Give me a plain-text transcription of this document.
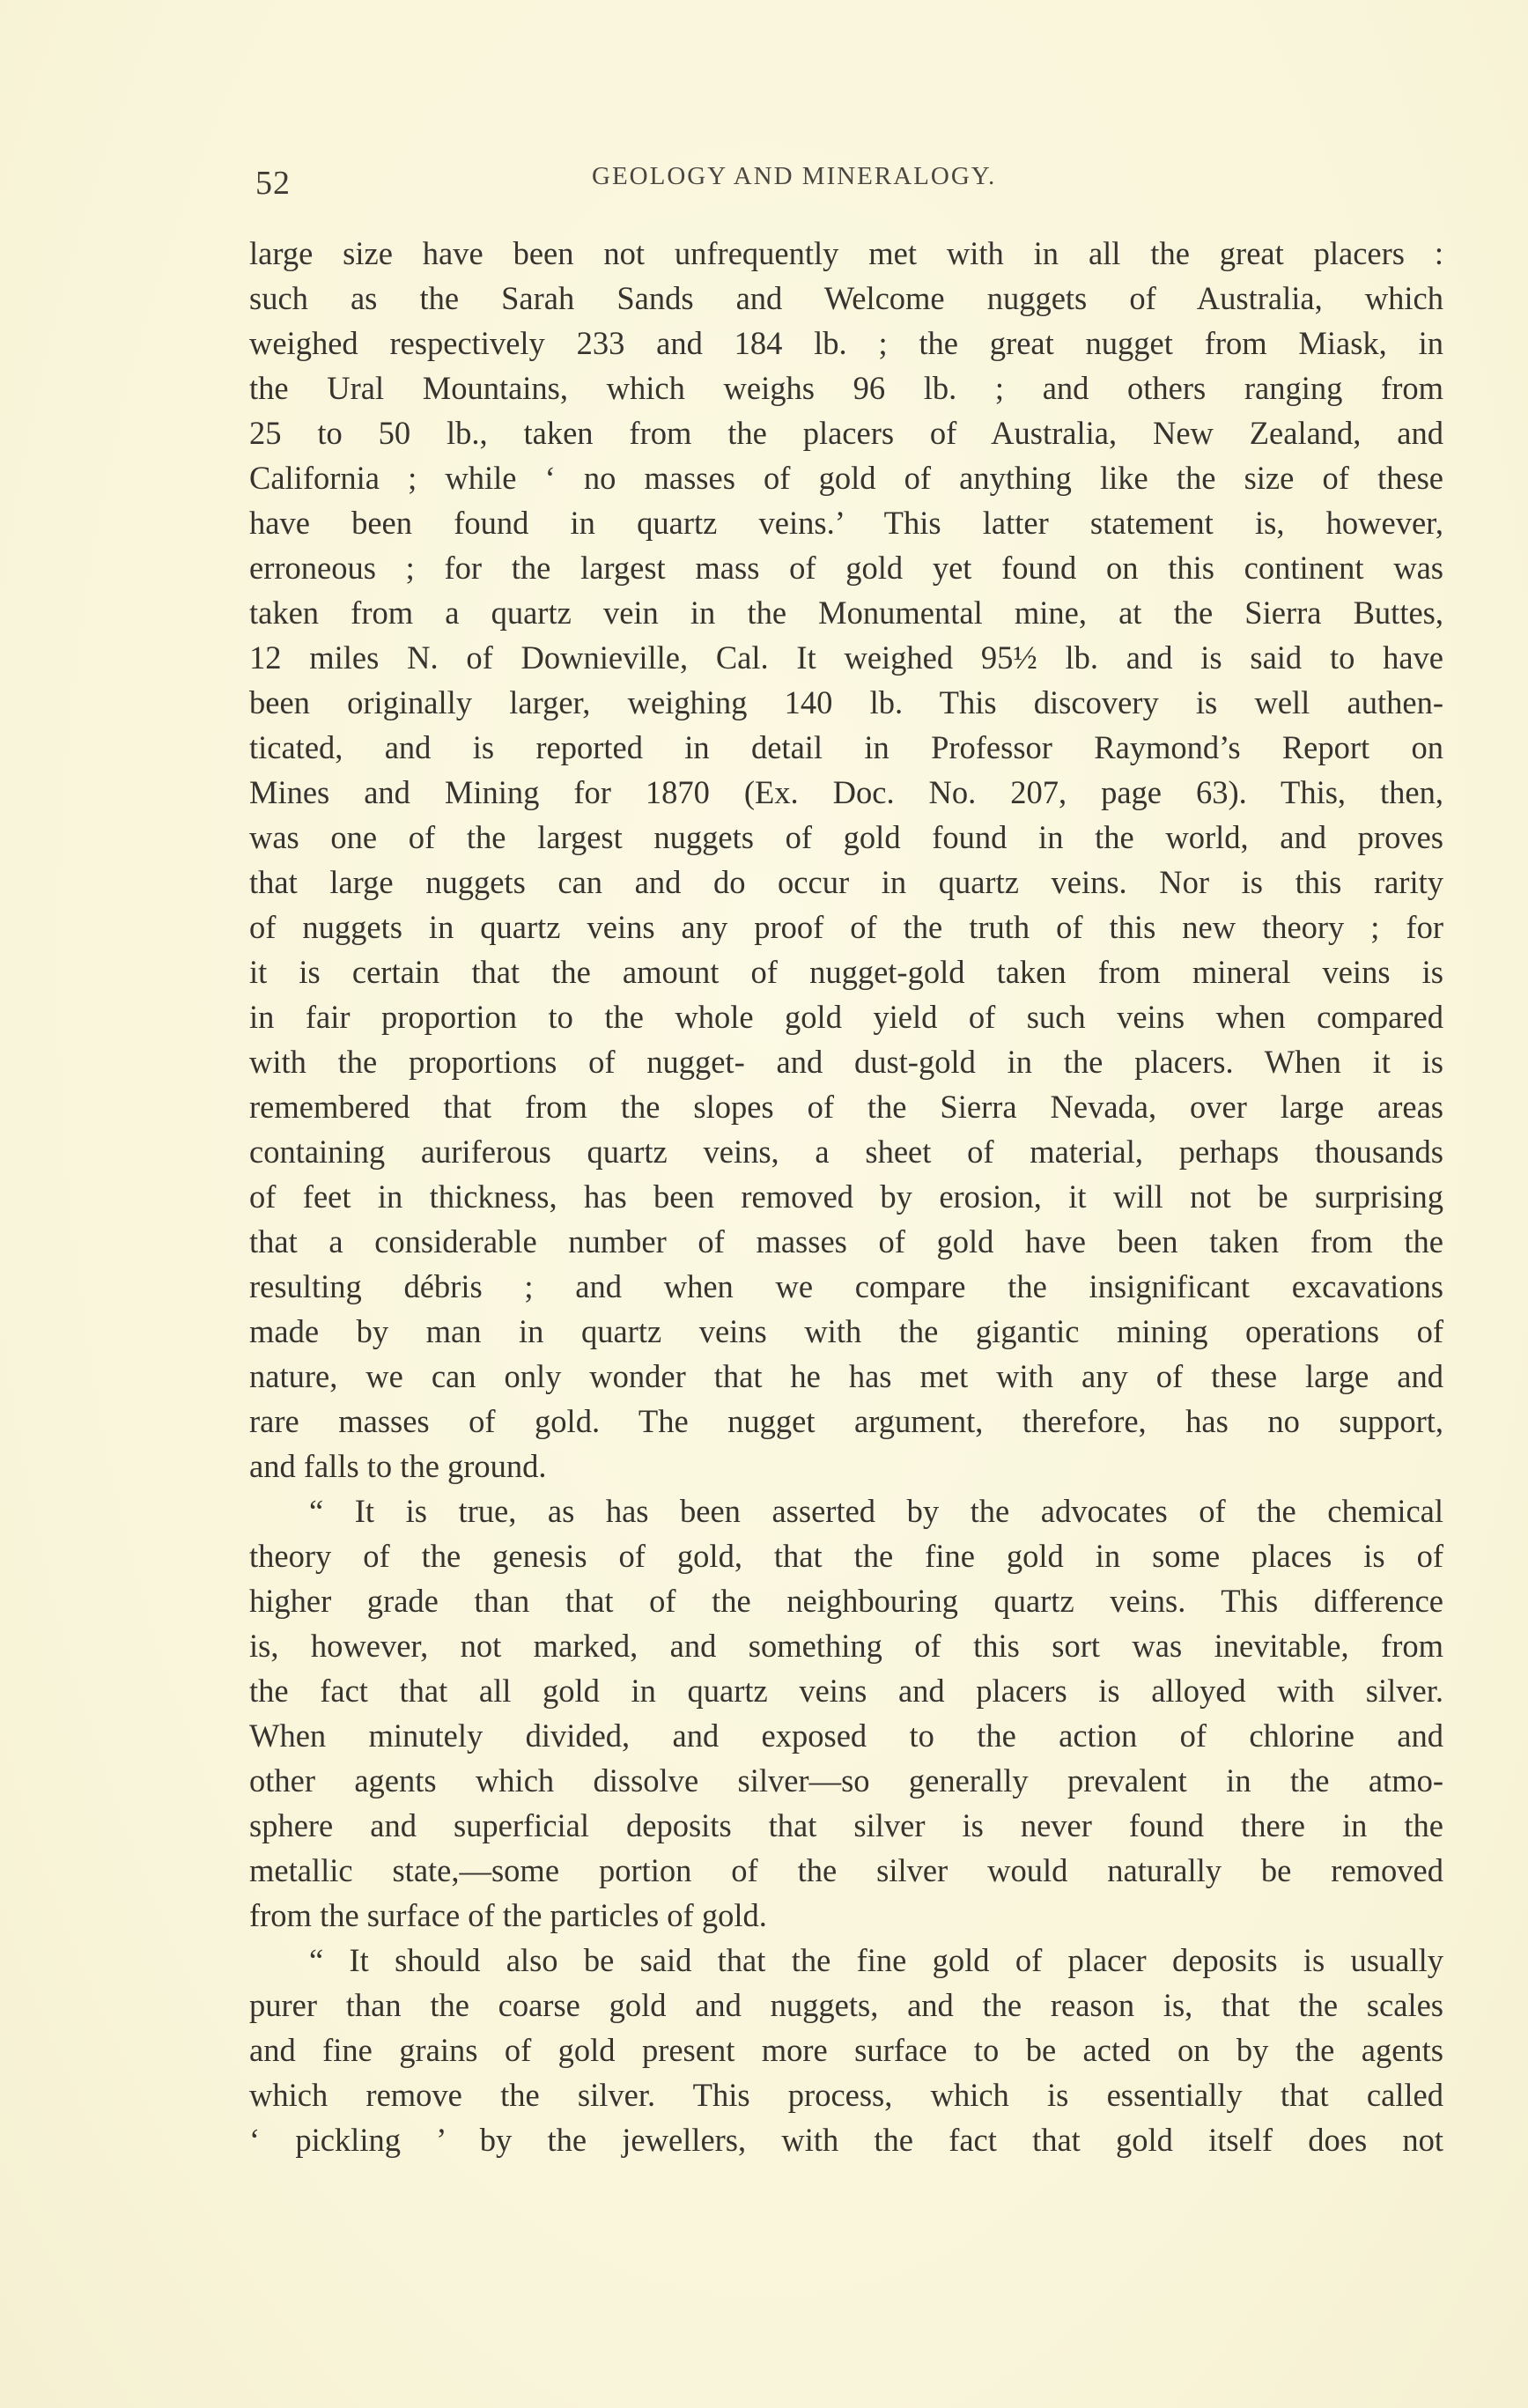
52	GEOLOGY AND MINERALOGY.
large size have been not unfrequently met with in all the great placers :
such as the Sarah Sands and Welcome nuggets of Australia, which
weighed respectively 233 and 184 lb. ; the great nugget from Miask, in
the Ural Mountains, which weighs 96 lb. ; and others ranging from
25 to 50 lb., taken from the placers of Australia, New Zealand, and
California ; while ‘ no masses of gold of anything like the size of these
have been found in quartz veins.’ This latter statement is, however,
erroneous ; for the largest mass of gold yet found on this continent was
taken from a quartz vein in the Monumental mine, at the Sierra Buttes,
12 miles N. of Downieville, Cal. It weighed 95½ lb. and is said to have
been originally larger, weighing 140 lb. This discovery is well authen-
ticated, and is reported in detail in Professor Raymond’s Report on
Mines and Mining for 1870 (Ex. Doc. No. 207, page 63). This, then,
was one of the largest nuggets of gold found in the world, and proves
that large nuggets can and do occur in quartz veins. Nor is this rarity
of nuggets in quartz veins any proof of the truth of this new theory ; for
it is certain that the amount of nugget-gold taken from mineral veins is
in fair proportion to the whole gold yield of such veins when compared
with the proportions of nugget- and dust-gold in the placers. When it is
remembered that from the slopes of the Sierra Nevada, over large areas
containing auriferous quartz veins, a sheet of material, perhaps thousands
of feet in thickness, has been removed by erosion, it will not be surprising
that a considerable number of masses of gold have been taken from the
resulting débris ; and when we compare the insignificant excavations
made by man in quartz veins with the gigantic mining operations of
nature, we can only wonder that he has met with any of these large and
rare masses of gold. The nugget argument, therefore, has no support,
and falls to the ground.
“ It is true, as has been asserted by the advocates of the chemical
theory of the genesis of gold, that the fine gold in some places is of
higher grade than that of the neighbouring quartz veins. This difference
is, however, not marked, and something of this sort was inevitable, from
the fact that all gold in quartz veins and placers is alloyed with silver.
When minutely divided, and exposed to the action of chlorine and
other agents which dissolve silver—so generally prevalent in the atmo-
sphere and superficial deposits that silver is never found there in the
metallic state,—some portion of the silver would naturally be removed
from the surface of the particles of gold.
“ It should also be said that the fine gold of placer deposits is usually
purer than the coarse gold and nuggets, and the reason is, that the scales
and fine grains of gold present more surface to be acted on by the agents
which remove the silver. This process, which is essentially that called
‘ pickling ’ by the jewellers, with the fact that gold itself does not
